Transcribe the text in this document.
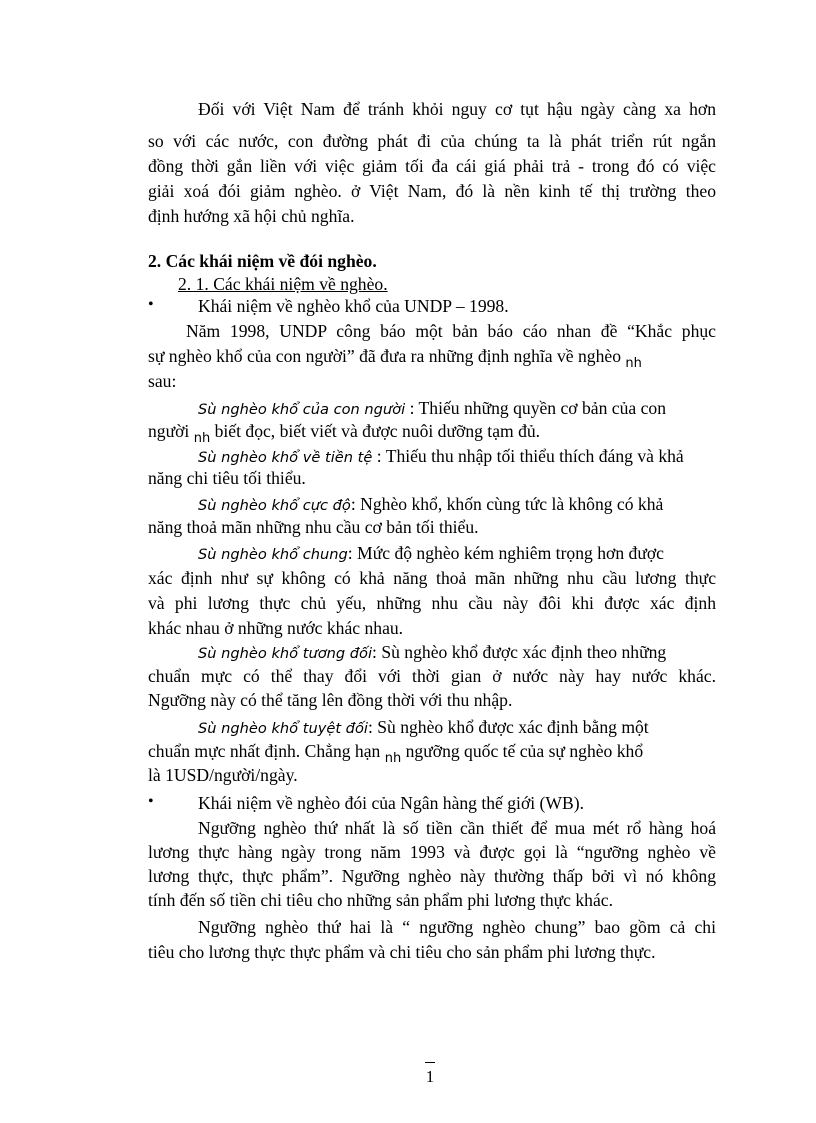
Đối với Việt Nam để tránh khỏi nguy cơ tụt hậu ngày càng xa hơn

so với các nước, con đường phát đi của chúng ta là phát triển rút ngắn

đồng thời gắn liền với việc giảm tối đa cái giá phải trả - trong đó có việc

giải xoá đói giảm nghèo. ở Việt Nam, đó là nền kinh tế thị trường theo

định hướng xã hội chủ nghĩa.

2. Các khái niệm về đói nghèo.

2. 1. Các khái niệm về nghèo.

•	Khái niệm về nghèo khổ của UNDP – 1998.

Năm 1998, UNDP công báo một bản báo cáo nhan đề “Khắc phục

sự nghèo khổ của con người” đã đưa ra những định nghĩa về nghèo $_{nh}$

sau:

Sù nghèo khổ của con người : Thiếu những quyền cơ bản của con

người $_{nh}$ biết đọc, biết viết và được nuôi dưỡng tạm đủ.

Sù nghèo khổ về tiền tệ : Thiếu thu nhập tối thiểu thích đáng và khả

năng chi tiêu tối thiểu.

Sù nghèo khổ cực độ: Nghèo khổ, khốn cùng tức là không có khả

năng thoả mãn những nhu cầu cơ bản tối thiểu.

Sù nghèo khổ chung: Mức độ nghèo kém nghiêm trọng hơn được

xác định như sự không có khả năng thoả mãn những nhu cầu lương thực

và phi lương thực chủ yếu, những nhu cầu này đôi khi được xác định

khác nhau ở những nước khác nhau.

Sù nghèo khổ tương đối: Sù nghèo khổ được xác định theo những

chuẩn mực có thể thay đổi với thời gian ở nước này hay nước khác.

Ngưỡng này có thể tăng lên đồng thời với thu nhập.

Sù nghèo khổ tuyệt đối: Sù nghèo khổ được xác định bằng một

chuẩn mực nhất định. Chẳng hạn $_{nh}$ ngưỡng quốc tế của sự nghèo khổ

là 1USD/người/ngày.

•	Khái niệm về nghèo đói của Ngân hàng thế giới (WB).

Ngưỡng nghèo thứ nhất là số tiền cần thiết để mua mét rổ hàng hoá

lương thực hàng ngày trong năm 1993 và được gọi là “ngưỡng nghèo về

lương thực, thực phẩm”. Ngưỡng nghèo này thường thấp bởi vì nó không

tính đến số tiền chi tiêu cho những sản phẩm phi lương thực khác.

Ngưỡng nghèo thứ hai là “ ngưỡng nghèo chung” bao gồm cả chi

tiêu cho lương thực thực phẩm và chi tiêu cho sản phẩm phi lương thực.

1
